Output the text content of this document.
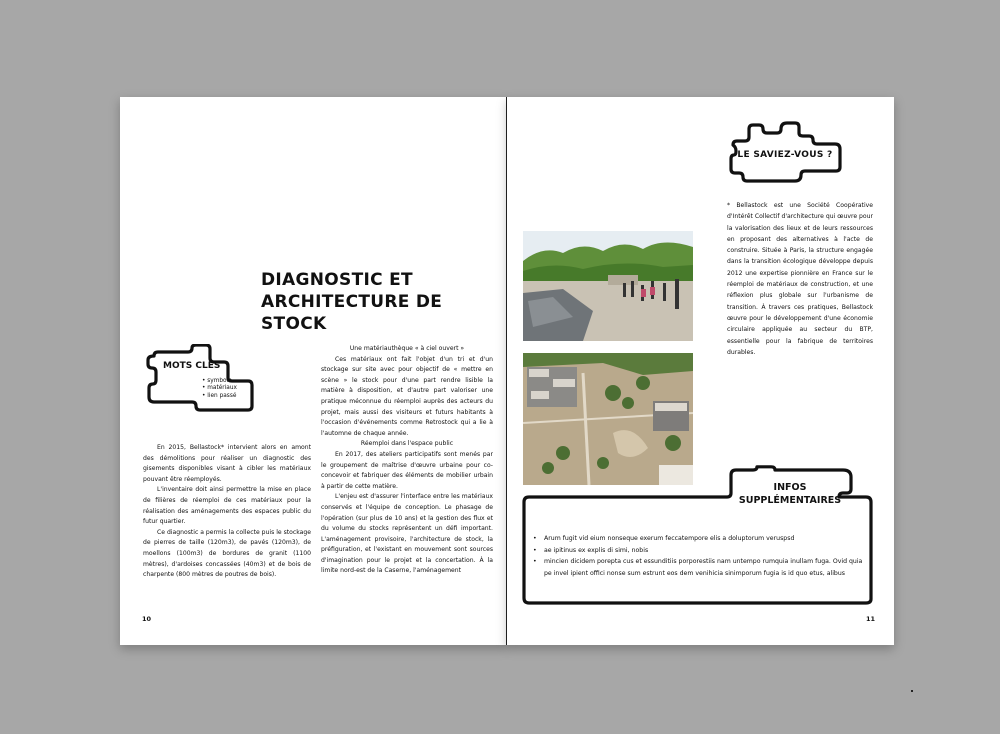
DIAGNOSTIC ET ARCHITECTURE DE STOCK
MOTS CLÉS
• symbole
• matériaux
• lien passé

En 2015, Bellastock* intervient alors en amont des démolitions pour réaliser un diagnostic des gisements disponibles visant à cibler les matériaux pouvant être réemployés.

L'inventaire doit ainsi permettre la mise en place de filières de réemploi de ces matériaux pour la réalisation des aménagements des espaces public du futur quartier.

Ce diagnostic a permis la collecte puis le stockage de pierres de taille (120m3), de pavés (120m3), de moellons (100m3) de bordures de granit (1100 mètres), d'ardoises concassées (40m3) et de bois de charpente (800 mètres de poutres de bois).

Une matériauthèque « à ciel ouvert »

Ces matériaux ont fait l'objet d'un tri et d'un stockage sur site avec pour objectif de « mettre en scène » le stock pour d'une part rendre lisible la matière à disposition, et d'autre part valoriser une pratique méconnue du réemploi auprès des acteurs du projet, mais aussi des visiteurs et futurs habitants à l'occasion d'événements comme Retrostock qui a lie à l'automne de chaque année.

Réemploi dans l'espace public

En 2017, des ateliers participatifs sont menés par le groupement de maîtrise d'œuvre urbaine pour co-concevoir et fabriquer des éléments de mobilier urbain à partir de cette matière.

L'enjeu est d'assurer l'interface entre les matériaux conservés et l'équipe de conception. Le phasage de l'opération (sur plus de 10 ans) et la gestion des flux et du volume du stocks représentent un défi important. L'aménagement provisoire, l'architecture de stock, la préfiguration, et l'existant en mouvement sont sources d'imagination pour le projet et la concertation. À la limite nord-est de la Caserne, l'aménagement

10
LE SAVIEZ-VOUS ?
* Bellastock est une Société Coopérative d'Intérêt Collectif d'architecture qui œuvre pour la valorisation des lieux et de leurs ressources en proposant des alternatives à l'acte de construire. Située à Paris, la structure engagée dans la transition écologique développe depuis 2012 une expertise pionnière en France sur le réemploi de matériaux de construction, et une réflexion plus globale sur l'urbanisme de transition. À travers ces pratiques, Bellastock œuvre pour le développement d'une économie circulaire appliquée au secteur du BTP, essentielle pour la fabrique de territoires durables.
INFOS
SUPPLÉMENTAIRES
• Arum fugit vid eium nonseque exerum feccatempore elis a doluptorum veruspsd
• ae ipitinus ex explis di simi, nobis
• mincien dicidem porepta cus et essunditiis porporestiis nam untempo rumquia inullam fuga. Ovid quia pe invel ipient offici nonse sum estrunt eos dem venihicia sinimporum fugia is id quo etus, alibus
11
